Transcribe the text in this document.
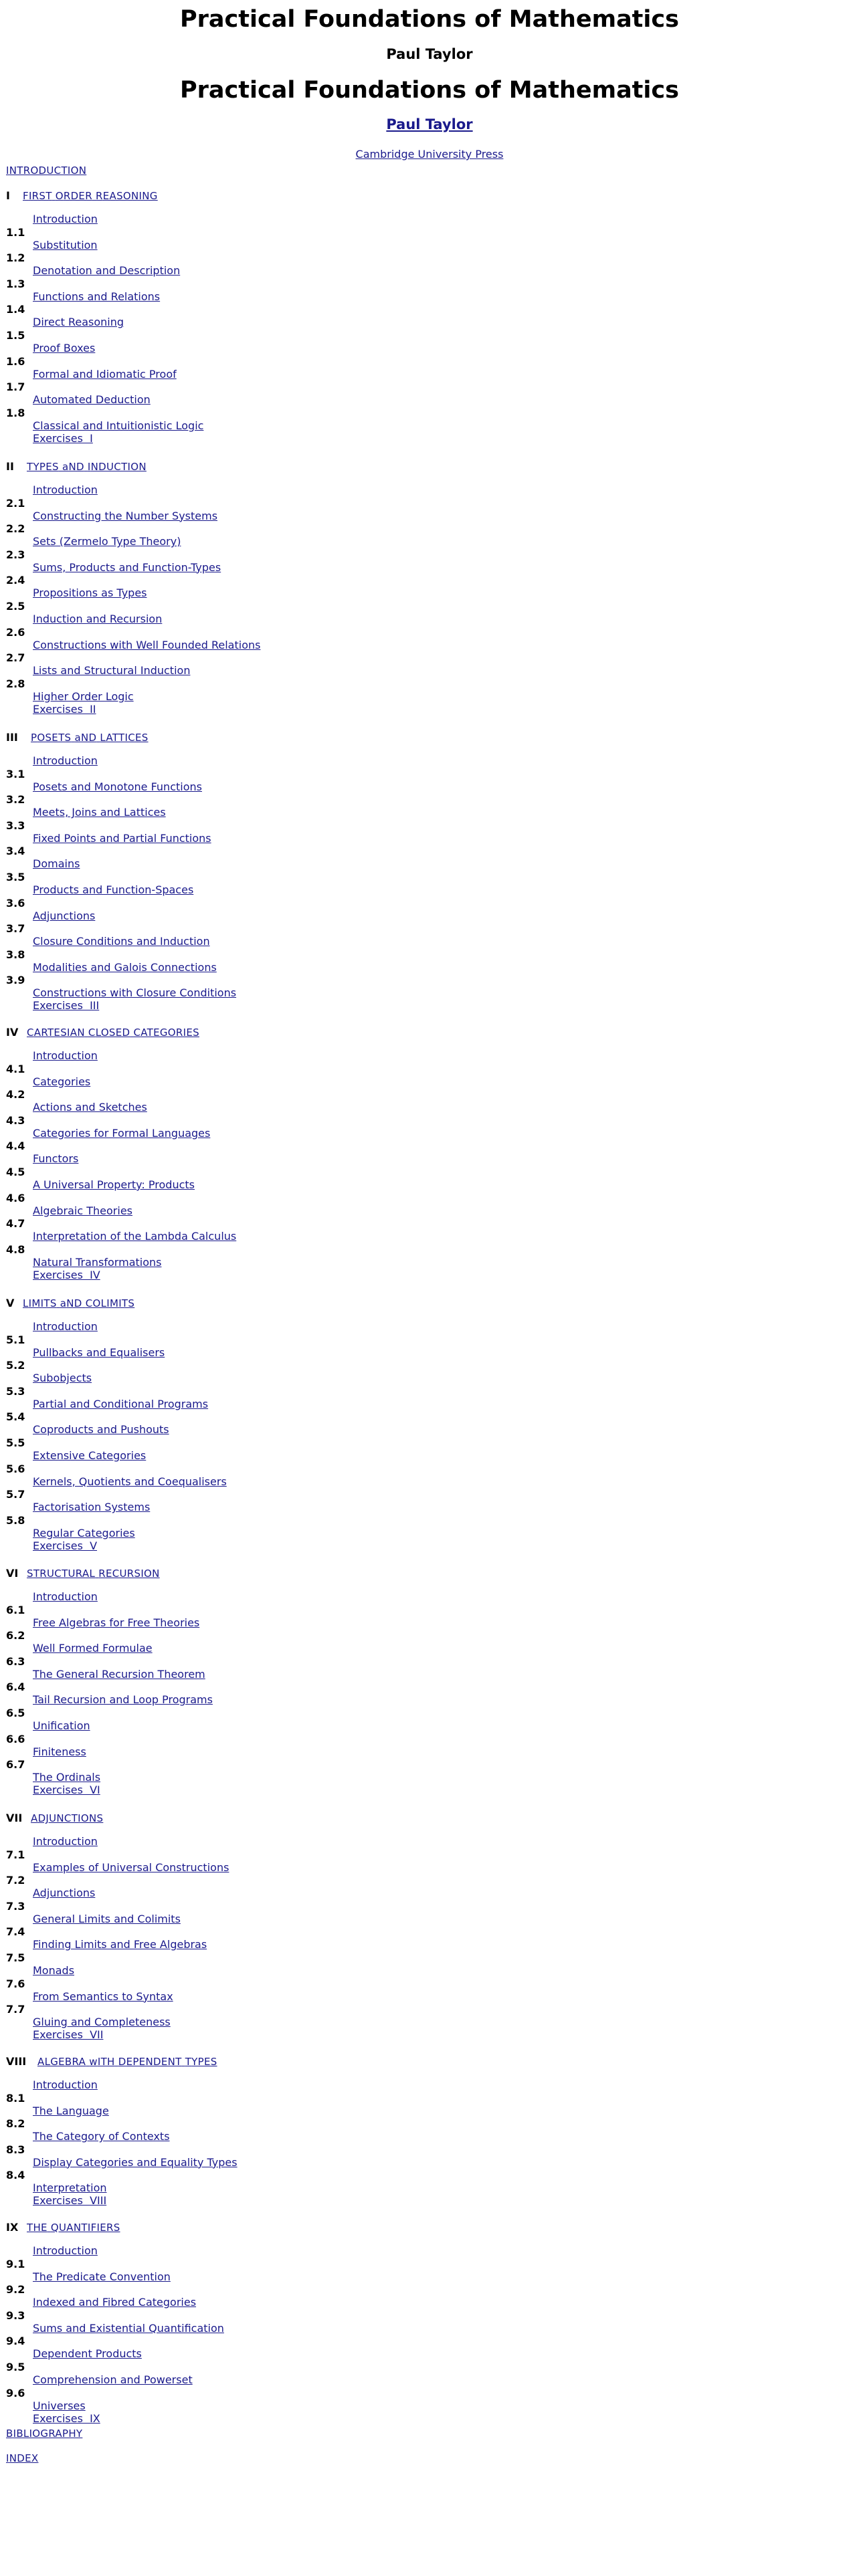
Practical Foundations of Mathematics
Paul Taylor
Practical Foundations of Mathematics
Paul Taylor
Cambridge University Press
INTRODUCTION
I FIRST ORDER REASONING
Introduction
Substitution
1.1
Denotation and Description
1.2
Functions and Relations
1.3
Direct Reasoning
1.4
Proof Boxes
1.5
Formal and Idiomatic Proof
1.6
Automated Deduction
1.7
Classical and Intuitionistic Logic
1.8
Exercises  I
II TYPES aND INDUCTION
Introduction
Constructing the Number Systems
2.1
Sets (Zermelo Type Theory)
2.2
Sums, Products and Function-Types
2.3
Propositions as Types
2.4
Induction and Recursion
2.5
Constructions with Well Founded Relations
2.6
Lists and Structural Induction
2.7
Higher Order Logic
2.8
Exercises  II
III POSETS aND LATTICES
Introduction
Posets and Monotone Functions
3.1
Meets, Joins and Lattices
3.2
Fixed Points and Partial Functions
3.3
Domains
3.4
Products and Function-Spaces
3.5
Adjunctions
3.6
Closure Conditions and Induction
3.7
Modalities and Galois Connections
3.8
Constructions with Closure Conditions
3.9
Exercises  III
IV CARTESIAN CLOSED CATEGORIES
Introduction
Categories
4.1
Actions and Sketches
4.2
Categories for Formal Languages
4.3
Functors
4.4
A Universal Property: Products
4.5
Algebraic Theories
4.6
Interpretation of the Lambda Calculus
4.7
Natural Transformations
4.8
Exercises  IV
V LIMITS aND COLIMITS
Introduction
Pullbacks and Equalisers
5.1
Subobjects
5.2
Partial and Conditional Programs
5.3
Coproducts and Pushouts
5.4
Extensive Categories
5.5
Kernels, Quotients and Coequalisers
5.6
Factorisation Systems
5.7
Regular Categories
5.8
Exercises  V
VI STRUCTURAL RECURSION
Introduction
Free Algebras for Free Theories
6.1
Well Formed Formulae
6.2
The General Recursion Theorem
6.3
Tail Recursion and Loop Programs
6.4
Unification
6.5
Finiteness
6.6
The Ordinals
6.7
Exercises  VI
VII ADJUNCTIONS
Introduction
Examples of Universal Constructions
7.1
Adjunctions
7.2
General Limits and Colimits
7.3
Finding Limits and Free Algebras
7.4
Monads
7.5
From Semantics to Syntax
7.6
Gluing and Completeness
7.7
Exercises  VII
VIII ALGEBRA wITH DEPENDENT TYPES
Introduction
The Language
8.1
The Category of Contexts
8.2
Display Categories and Equality Types
8.3
Interpretation
8.4
Exercises  VIII
IX THE QUANTIFIERS
Introduction
The Predicate Convention
9.1
Indexed and Fibred Categories
9.2
Sums and Existential Quantification
9.3
Dependent Products
9.4
Comprehension and Powerset
9.5
Universes
9.6
Exercises  IX
BIBLIOGRAPHY
INDEX
